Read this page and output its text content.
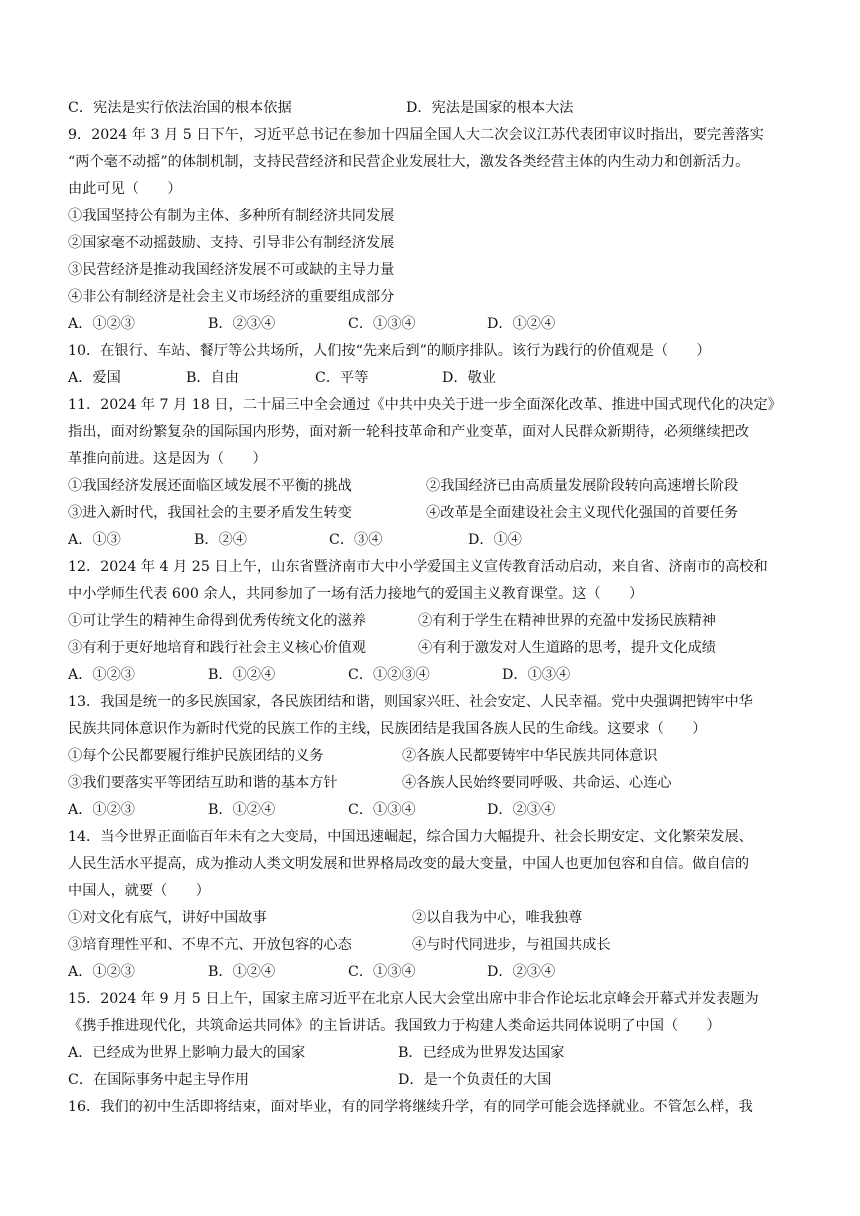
C．宪法是实行依法治国的根本依据	D．宪法是国家的根本大法
9．2024 年 3 月 5 日下午，习近平总书记在参加十四届全国人大二次会议江苏代表团审议时指出，要完善落实
“两个毫不动摇”的体制机制，支持民营经济和民营企业发展壮大，激发各类经营主体的内生动力和创新活力。
由此可见（　　）
①我国坚持公有制为主体、多种所有制经济共同发展
②国家毫不动摇鼓励、支持、引导非公有制经济发展
③民营经济是推动我国经济发展不可或缺的主导力量
④非公有制经济是社会主义市场经济的重要组成部分
A．①②③	B．②③④	C．①③④	D．①②④
10．在银行、车站、餐厅等公共场所，人们按“先来后到”的顺序排队。该行为践行的价值观是（　　）
A．爱国	B．自由	C．平等	D．敬业
11．2024 年 7 月 18 日，二十届三中全会通过《中共中央关于进一步全面深化改革、推进中国式现代化的决定》
指出，面对纷繁复杂的国际国内形势，面对新一轮科技革命和产业变革，面对人民群众新期待，必须继续把改
革推向前进。这是因为（　　）
①我国经济发展还面临区域发展不平衡的挑战	②我国经济已由高质量发展阶段转向高速增长阶段
③进入新时代，我国社会的主要矛盾发生转变	④改革是全面建设社会主义现代化强国的首要任务
A．①③	B．②④	C．③④	D．①④
12．2024 年 4 月 25 日上午，山东省暨济南市大中小学爱国主义宣传教育活动启动，来自省、济南市的高校和
中小学师生代表 600 余人，共同参加了一场有活力接地气的爱国主义教育课堂。这（　　）
①可让学生的精神生命得到优秀传统文化的滋养	②有利于学生在精神世界的充盈中发扬民族精神
③有利于更好地培育和践行社会主义核心价值观	④有利于激发对人生道路的思考，提升文化成绩
A．①②③	B．①②④	C．①②③④	D．①③④
13．我国是统一的多民族国家，各民族团结和谐，则国家兴旺、社会安定、人民幸福。党中央强调把铸牢中华
民族共同体意识作为新时代党的民族工作的主线，民族团结是我国各族人民的生命线。这要求（　　）
①每个公民都要履行维护民族团结的义务	②各族人民都要铸牢中华民族共同体意识
③我们要落实平等团结互助和谐的基本方针	④各族人民始终要同呼吸、共命运、心连心
A．①②③	B．①②④	C．①③④	D．②③④
14．当今世界正面临百年未有之大变局，中国迅速崛起，综合国力大幅提升、社会长期安定、文化繁荣发展、
人民生活水平提高，成为推动人类文明发展和世界格局改变的最大变量，中国人也更加包容和自信。做自信的
中国人，就要（　　）
①对文化有底气，讲好中国故事	②以自我为中心，唯我独尊
③培育理性平和、不卑不亢、开放包容的心态	④与时代同进步，与祖国共成长
A．①②③	B．①②④	C．①③④	D．②③④
15．2024 年 9 月 5 日上午，国家主席习近平在北京人民大会堂出席中非合作论坛北京峰会开幕式并发表题为
《携手推进现代化，共筑命运共同体》的主旨讲话。我国致力于构建人类命运共同体说明了中国（　　）
A．已经成为世界上影响力最大的国家	B．已经成为世界发达国家
C．在国际事务中起主导作用	D．是一个负责任的大国
16．我们的初中生活即将结束，面对毕业，有的同学将继续升学，有的同学可能会选择就业。不管怎么样，我
